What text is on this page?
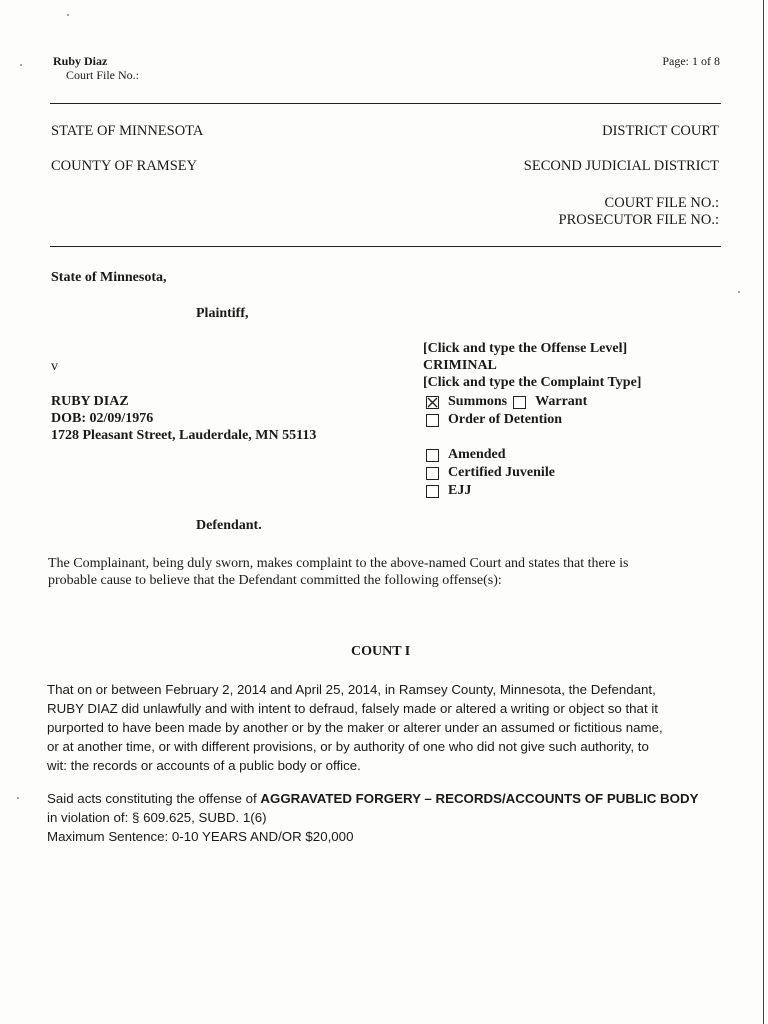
Ruby Diaz
Court File No.:
Page: 1 of 8
STATE OF MINNESOTA
COUNTY OF RAMSEY
DISTRICT COURT
SECOND JUDICIAL DISTRICT
COURT FILE NO.:
PROSECUTOR FILE NO.:
State of Minnesota,
Plaintiff,
v
RUBY DIAZ
DOB: 02/09/1976
1728 Pleasant Street, Lauderdale, MN 55113
Defendant.
[Click and type the Offense Level]
CRIMINAL
[Click and type the Complaint Type]
Summons Warrant
Order of Detention
Amended
Certified Juvenile
EJJ
The Complainant, being duly sworn, makes complaint to the above-named Court and states that there is
probable cause to believe that the Defendant committed the following offense(s):
COUNT I
That on or between February 2, 2014 and April 25, 2014, in Ramsey County, Minnesota, the Defendant,
RUBY DIAZ did unlawfully and with intent to defraud, falsely made or altered a writing or object so that it
purported to have been made by another or by the maker or alterer under an assumed or fictitious name,
or at another time, or with different provisions, or by authority of one who did not give such authority, to
wit: the records or accounts of a public body or office.
Said acts constituting the offense of AGGRAVATED FORGERY – RECORDS/ACCOUNTS OF PUBLIC BODY
in violation of: § 609.625, SUBD. 1(6)
Maximum Sentence: 0-10 YEARS AND/OR $20,000
